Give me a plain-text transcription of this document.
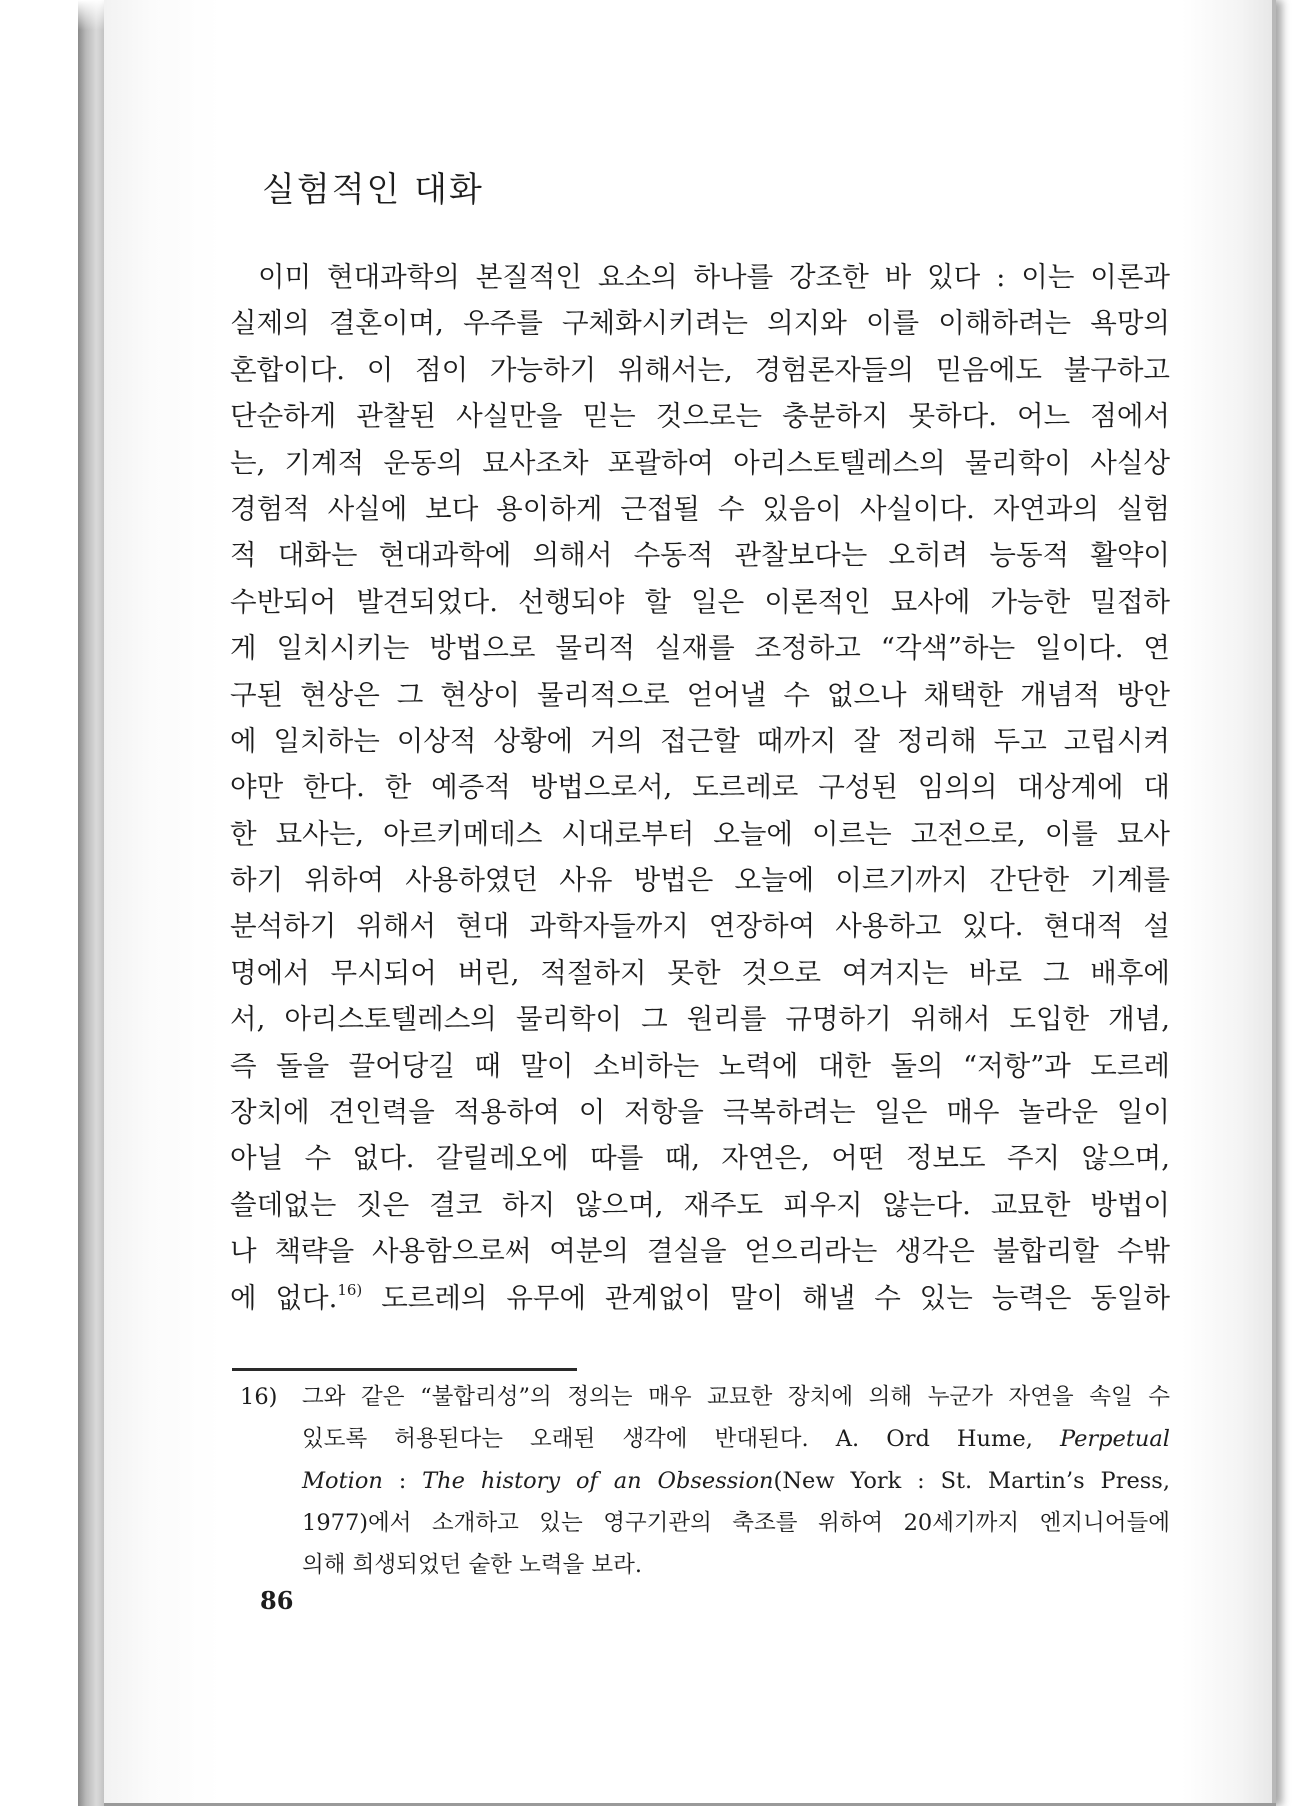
실험적인 대화
이미 현대과학의 본질적인 요소의 하나를 강조한 바 있다 : 이는 이론과
실제의 결혼이며, 우주를 구체화시키려는 의지와 이를 이해하려는 욕망의
혼합이다. 이 점이 가능하기 위해서는, 경험론자들의 믿음에도 불구하고
단순하게 관찰된 사실만을 믿는 것으로는 충분하지 못하다. 어느 점에서
는, 기계적 운동의 묘사조차 포괄하여 아리스토텔레스의 물리학이 사실상
경험적 사실에 보다 용이하게 근접될 수 있음이 사실이다. 자연과의 실험
적 대화는 현대과학에 의해서 수동적 관찰보다는 오히려 능동적 활약이
수반되어 발견되었다. 선행되야 할 일은 이론적인 묘사에 가능한 밀접하
게 일치시키는 방법으로 물리적 실재를 조정하고 “각색”하는 일이다. 연
구된 현상은 그 현상이 물리적으로 얻어낼 수 없으나 채택한 개념적 방안
에 일치하는 이상적 상황에 거의 접근할 때까지 잘 정리해 두고 고립시켜
야만 한다. 한 예증적 방법으로서, 도르레로 구성된 임의의 대상계에 대
한 묘사는, 아르키메데스 시대로부터 오늘에 이르는 고전으로, 이를 묘사
하기 위하여 사용하였던 사유 방법은 오늘에 이르기까지 간단한 기계를
분석하기 위해서 현대 과학자들까지 연장하여 사용하고 있다. 현대적 설
명에서 무시되어 버린, 적절하지 못한 것으로 여겨지는 바로 그 배후에
서, 아리스토텔레스의 물리학이 그 원리를 규명하기 위해서 도입한 개념,
즉 돌을 끌어당길 때 말이 소비하는 노력에 대한 돌의 “저항”과 도르레
장치에 견인력을 적용하여 이 저항을 극복하려는 일은 매우 놀라운 일이
아닐 수 없다. 갈릴레오에 따를 때, 자연은, 어떤 정보도 주지 않으며,
쓸데없는 짓은 결코 하지 않으며, 재주도 피우지 않는다. 교묘한 방법이
나 책략을 사용함으로써 여분의 결실을 얻으리라는 생각은 불합리할 수밖
에 없다.$^{16)}$ 도르레의 유무에 관계없이 말이 해낼 수 있는 능력은 동일하
16) 그와 같은 “불합리성”의 정의는 매우 교묘한 장치에 의해 누군가 자연을 속일 수
있도록 허용된다는 오래된 생각에 반대된다. A. Ord Hume, Perpetual
Motion : The history of an Obsession(New York : St. Martin’s Press,
1977)에서 소개하고 있는 영구기관의 축조를 위하여 20세기까지 엔지니어들에
의해 희생되었던 숱한 노력을 보라.
86
